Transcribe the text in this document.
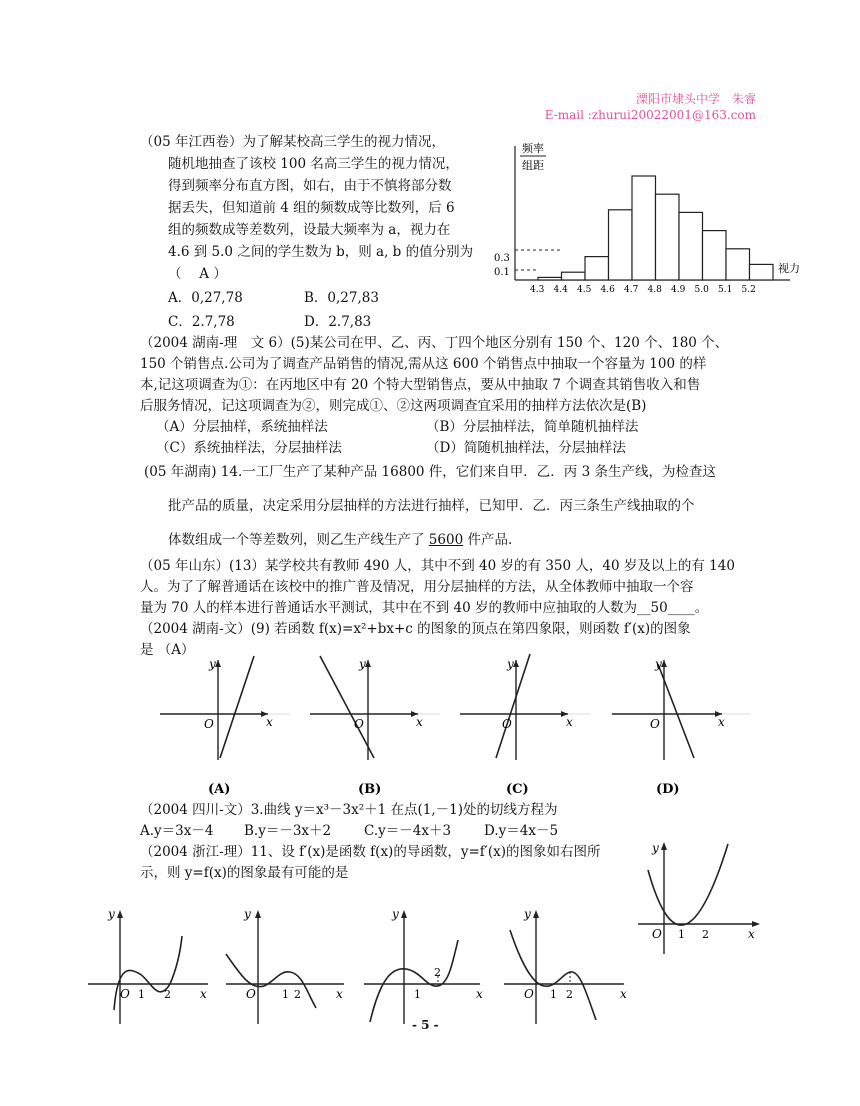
溧阳市埭头中学　朱睿
E-mail :zhurui20022001@163.com
（05 年江西卷）为了解某校高三学生的视力情况，
随机地抽查了该校 100 名高三学生的视力情况，
得到频率分布直方图，如右，由于不慎将部分数
据丢失，但知道前 4 组的频数成等比数列，后 6
组的频数成等差数列，设最大频率为 a，视力在
4.6 到 5.0 之间的学生数为 b，则 a, b 的值分别为
（　 A ）
A．0,27,78	B．0,27,83
C．2.7,78	D．2.7,83
频率
组距
4.3 4.4 4.5 4.6 4.7 4.8 4.9 5.0 5.1 5.2
0.3
0.1	视力
（2004 湖南-理　文 6）(5)某公司在甲、乙、丙、丁四个地区分别有 150 个、120 个、180 个、
150 个销售点.公司为了调查产品销售的情况,需从这 600 个销售点中抽取一个容量为 100 的样
本,记这项调查为①：在丙地区中有 20 个特大型销售点，要从中抽取 7 个调查其销售收入和售
后服务情况，记这项调查为②，则完成①、②这两项调查宜采用的抽样方法依次是(B)
（A）分层抽样，系统抽样法	（B）分层抽样法，简单随机抽样法
（C）系统抽样法，分层抽样法	（D）简随机抽样法，分层抽样法
(05 年湖南) 14.一工厂生产了某种产品 16800 件，它们来自甲．乙．丙 3 条生产线，为检查这
批产品的质量，决定采用分层抽样的方法进行抽样，已知甲．乙．丙三条生产线抽取的个
体数组成一个等差数列，则乙生产线生产了 5600 件产品.
（05 年山东）(13）某学校共有教师 490 人，其中不到 40 岁的有 350 人，40 岁及以上的有 140
人。为了了解普通话在该校中的推广普及情况，用分层抽样的方法，从全体教师中抽取一个容
量为 70 人的样本进行普通话水平测试，其中在不到 40 岁的教师中应抽取的人数为__50____。
（2004 湖南-文）(9) 若函数 f(x)=x²+bx+c 的图象的顶点在第四象限，则函数 f′(x)的图象
是 （A）
O	x
y
(A)
O	x
y
(B)
O	x
y
(C)
O	x
y
(D)
（2004 四川-文）3.曲线 y＝x³－3x²＋1 在点(1,－1)处的切线方程为
A.y＝3x－4 B.y＝－3x＋2 C.y＝－4x＋3 D.y＝4x－5
（2004 浙江-理）11、设 f′(x)是函数 f(x)的导函数，y=f′(x)的图象如右图所
示，则 y=f(x)的图象最有可能的是
y
O 1 2	x
y
O 1 2 x
y
O 1 2	x
y
1
2
x
y
O 1 2	x
- 5 -
